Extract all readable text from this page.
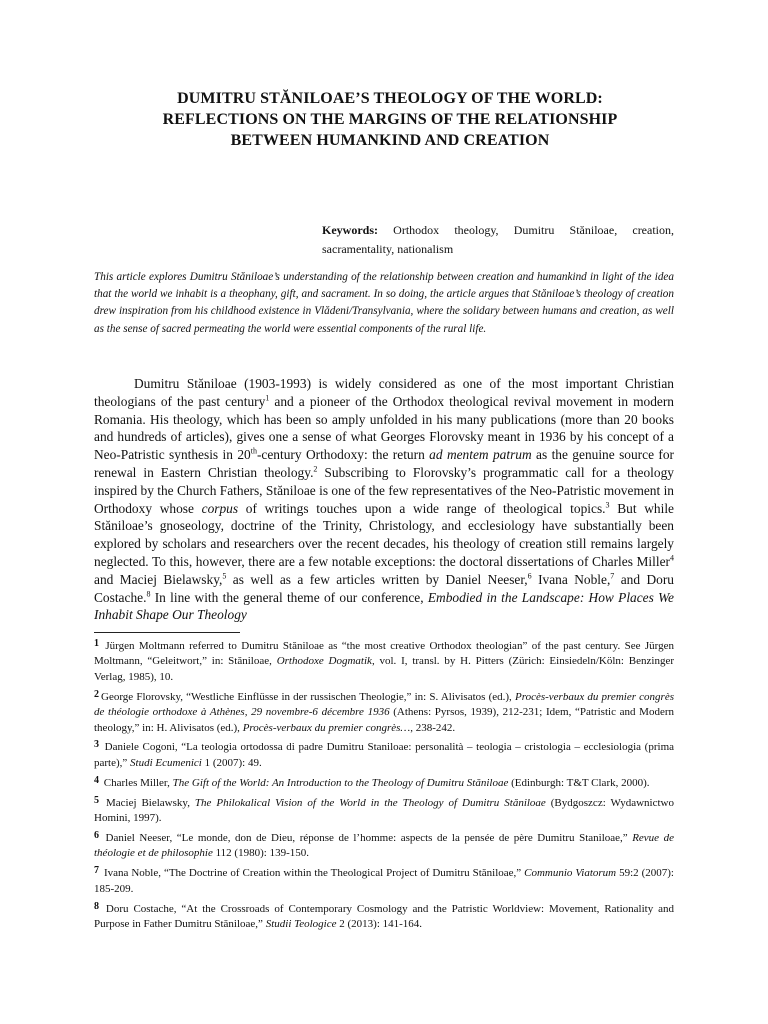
DUMITRU STĂNILOAE’S THEOLOGY OF THE WORLD:
REFLECTIONS ON THE MARGINS OF THE RELATIONSHIP
BETWEEN HUMANKIND AND CREATION
Keywords: Orthodox theology, Dumitru Stăniloae, creation, sacramentality, nationalism
This article explores Dumitru Stăniloae’s understanding of the relationship between creation and humankind in light of the idea that the world we inhabit is a theophany, gift, and sacrament. In so doing, the article argues that Stăniloae’s theology of creation drew inspiration from his childhood existence in Vlădeni/Transylvania, where the solidary between humans and creation, as well as the sense of sacred permeating the world were essential components of the rural life.

Dumitru Stăniloae (1903-1993) is widely considered as one of the most important Christian theologians of the past century$^1$ and a pioneer of the Orthodox theological revival movement in modern Romania. His theology, which has been so amply unfolded in his many publications (more than 20 books and hundreds of articles), gives one a sense of what Georges Florovsky meant in 1936 by his concept of a Neo-Patristic synthesis in 20th-century Orthodoxy: the return ad mentem patrum as the genuine source for renewal in Eastern Christian theology.$^2$ Subscribing to Florovsky’s programmatic call for a theology inspired by the Church Fathers, Stăniloae is one of the few representatives of the Neo-Patristic movement in Orthodoxy whose corpus of writings touches upon a wide range of theological topics.$^3$ But while Stăniloae’s gnoseology, doctrine of the Trinity, Christology, and ecclesiology have substantially been explored by scholars and researchers over the recent decades, his theology of creation still remains largely neglected. To this, however, there are a few notable exceptions: the doctoral dissertations of Charles Miller$^4$ and Maciej Bielawsky,$^5$ as well as a few articles written by Daniel Neeser,$^6$ Ivana Noble,$^7$ and Doru Costache.$^8$ In line with the general theme of our conference, Embodied in the Landscape: How Places We Inhabit Shape Our Theology

1 Jürgen Moltmann referred to Dumitru Stăniloae as “the most creative Orthodox theologian” of the past century. See Jürgen Moltmann, “Geleitwort,” in: Stăniloae, Orthodoxe Dogmatik, vol. I, transl. by H. Pitters (Zürich: Einsiedeln/Köln: Benzinger Verlag, 1985), 10.
2 George Florovsky, “Westliche Einflüsse in der russischen Theologie,” in: S. Alivisatos (ed.), Procès-verbaux du premier congrès de théologie orthodoxe à Athènes, 29 novembre-6 décembre 1936 (Athens: Pyrsos, 1939), 212-231; Idem, “Patristic and Modern theology,” in: H. Alivisatos (ed.), Procès-verbaux du premier congrès…, 238-242.
3 Daniele Cogoni, “La teologia ortodossa di padre Dumitru Staniloae: personalità – teologia – cristologia – ecclesiologia (prima parte),” Studi Ecumenici 1 (2007): 49.
4 Charles Miller, The Gift of the World: An Introduction to the Theology of Dumitru Stăniloae (Edinburgh: T&T Clark, 2000).
5 Maciej Bielawsky, The Philokalical Vision of the World in the Theology of Dumitru Stăniloae (Bydgoszcz: Wydawnictwo Homini, 1997).
6 Daniel Neeser, “Le monde, don de Dieu, réponse de l’homme: aspects de la pensée de père Dumitru Staniloae,” Revue de théologie et de philosophie 112 (1980): 139-150.
7 Ivana Noble, “The Doctrine of Creation within the Theological Project of Dumitru Stăniloae,” Communio Viatorum 59:2 (2007): 185-209.
8 Doru Costache, “At the Crossroads of Contemporary Cosmology and the Patristic Worldview: Movement, Rationality and Purpose in Father Dumitru Stăniloae,” Studii Teologice 2 (2013): 141-164.
